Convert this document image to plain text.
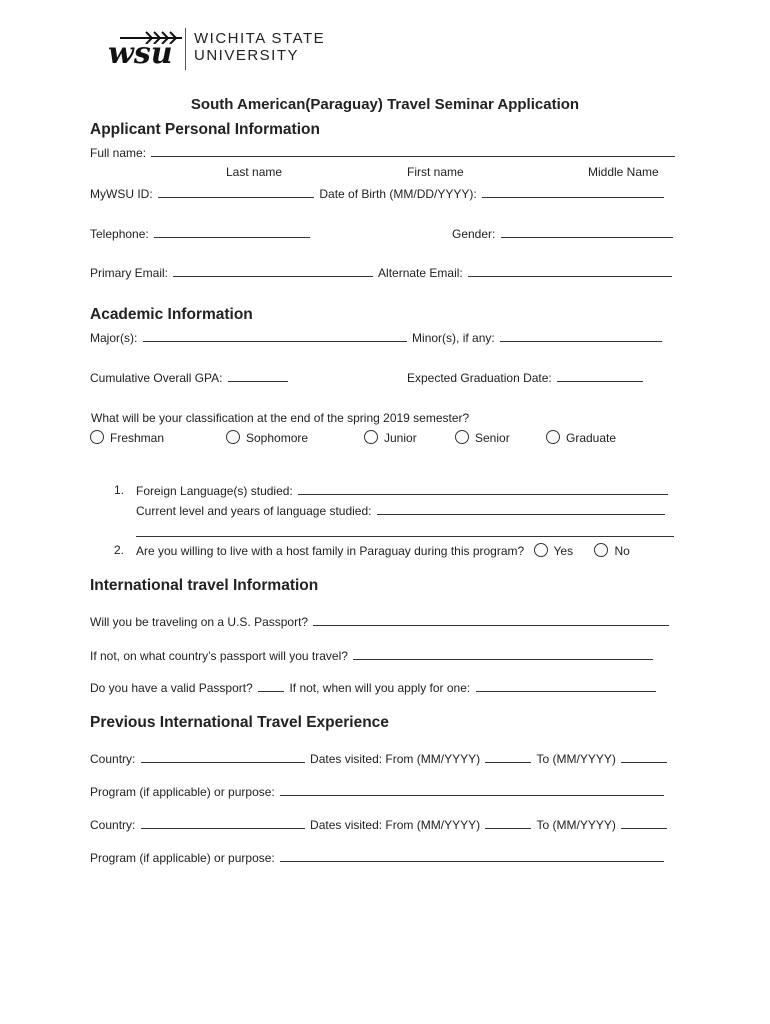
wsu WICHITA STATE
UNIVERSITY
South American(Paraguay) Travel Seminar Application
Applicant Personal Information
Full name:
Last name	First name	Middle Name
MyWSU ID:	Date of Birth (MM/DD/YYYY):
Telephone:	Gender:
Primary Email:	Alternate Email:
Academic Information
Major(s):	Minor(s), if any:
Cumulative Overall GPA:	Expected Graduation Date:
What will be your classification at the end of the spring 2019 semester?
Freshman	Sophomore	Junior	Senior	Graduate
1. Foreign Language(s) studied:
Current level and years of language studied:
2. Are you willing to live with a host family in Paraguay during this program? Yes	No
International travel Information
Will you be traveling on a U.S. Passport?
If not, on what country’s passport will you travel?
Do you have a valid Passport?	If not, when will you apply for one:
Previous International Travel Experience
Country:	Dates visited: From (MM/YYYY)	To (MM/YYYY)
Program (if applicable) or purpose:
Country:	Dates visited: From (MM/YYYY)	To (MM/YYYY)
Program (if applicable) or purpose:
